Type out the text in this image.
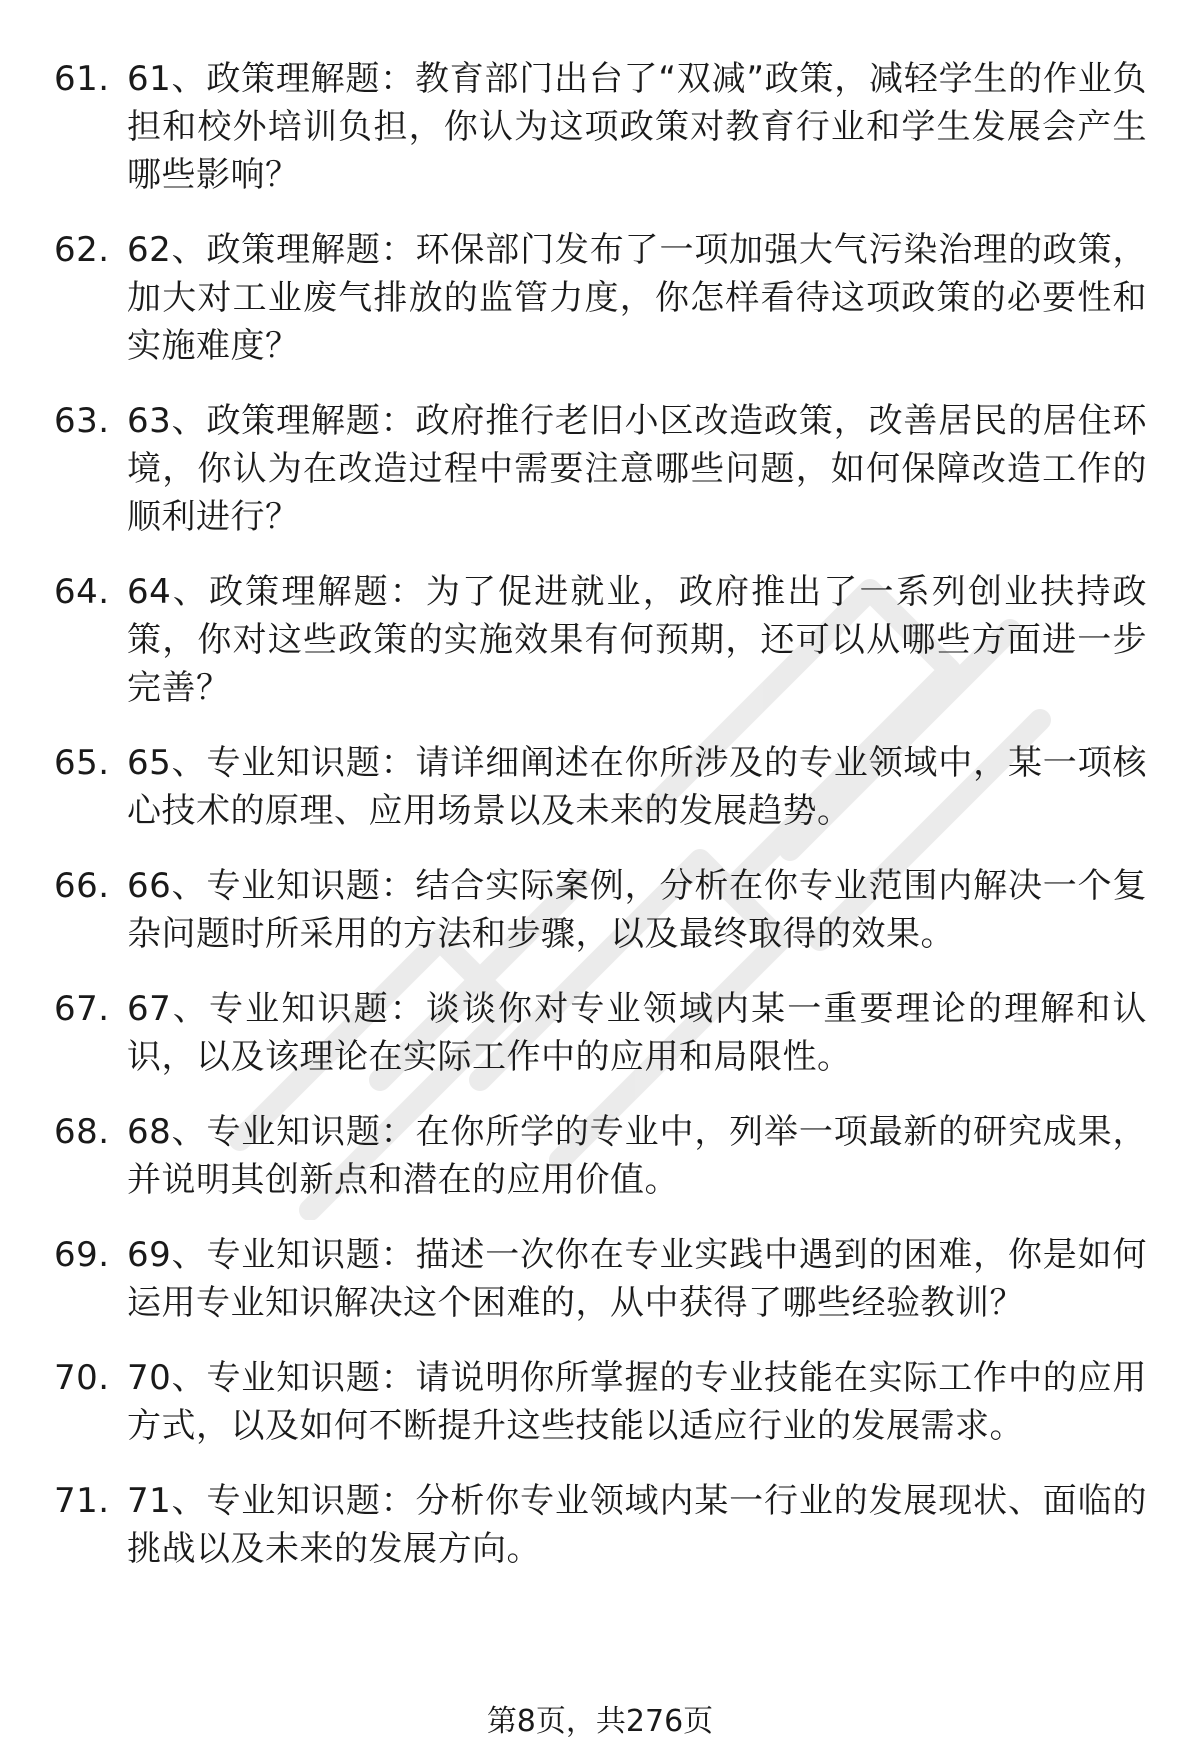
61. 61、政策理解题：教育部门出台了“双减”政策，减轻学生的作业负担和校外培训负担，你认为这项政策对教育行业和学生发展会产生哪些影响？
62. 62、政策理解题：环保部门发布了一项加强大气污染治理的政策，加大对工业废气排放的监管力度，你怎样看待这项政策的必要性和实施难度？
63. 63、政策理解题：政府推行老旧小区改造政策，改善居民的居住环境，你认为在改造过程中需要注意哪些问题，如何保障改造工作的顺利进行？
64. 64、政策理解题：为了促进就业，政府推出了一系列创业扶持政策，你对这些政策的实施效果有何预期，还可以从哪些方面进一步完善？
65. 65、专业知识题：请详细阐述在你所涉及的专业领域中，某一项核心技术的原理、应用场景以及未来的发展趋势。
66. 66、专业知识题：结合实际案例，分析在你专业范围内解决一个复杂问题时所采用的方法和步骤，以及最终取得的效果。
67. 67、专业知识题：谈谈你对专业领域内某一重要理论的理解和认识，以及该理论在实际工作中的应用和局限性。
68. 68、专业知识题：在你所学的专业中，列举一项最新的研究成果，并说明其创新点和潜在的应用价值。
69. 69、专业知识题：描述一次你在专业实践中遇到的困难，你是如何运用专业知识解决这个困难的，从中获得了哪些经验教训？
70. 70、专业知识题：请说明你所掌握的专业技能在实际工作中的应用方式，以及如何不断提升这些技能以适应行业的发展需求。
71. 71、专业知识题：分析你专业领域内某一行业的发展现状、面临的挑战以及未来的发展方向。
第8页，共276页
